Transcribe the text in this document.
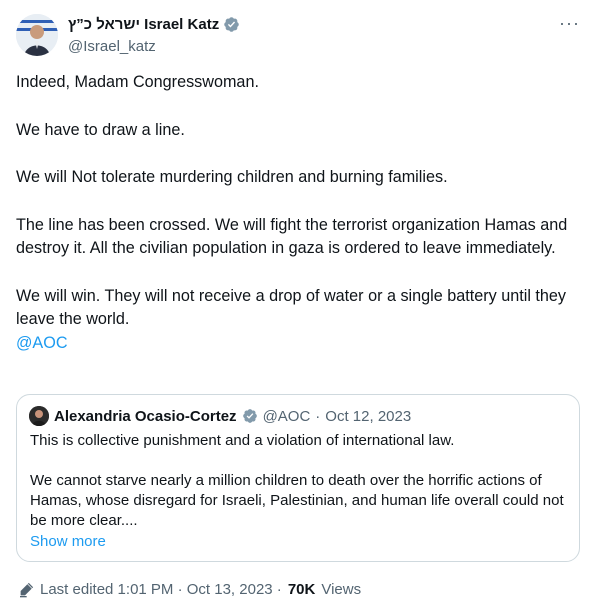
ישראל כ”ץ Israel Katz
@Israel_katz
···

Indeed, Madam Congresswoman.

We have to draw a line.

We will Not tolerate murdering children and burning families.

The line has been crossed. We will fight the terrorist organization Hamas and destroy it. All the civilian population in gaza is ordered to leave immediately.

We will win. They will not receive a drop of water or a single battery until they leave the world.

@AOC

Alexandria Ocasio-Cortez @AOC · Oct 12, 2023

This is collective punishment and a violation of international law.

We cannot starve nearly a million children to death over the horrific actions of Hamas, whose disregard for Israeli, Palestinian, and human life overall could not be more clear....

Show more
Last edited 1:01 PM · Oct 13, 2023 · 70K Views
